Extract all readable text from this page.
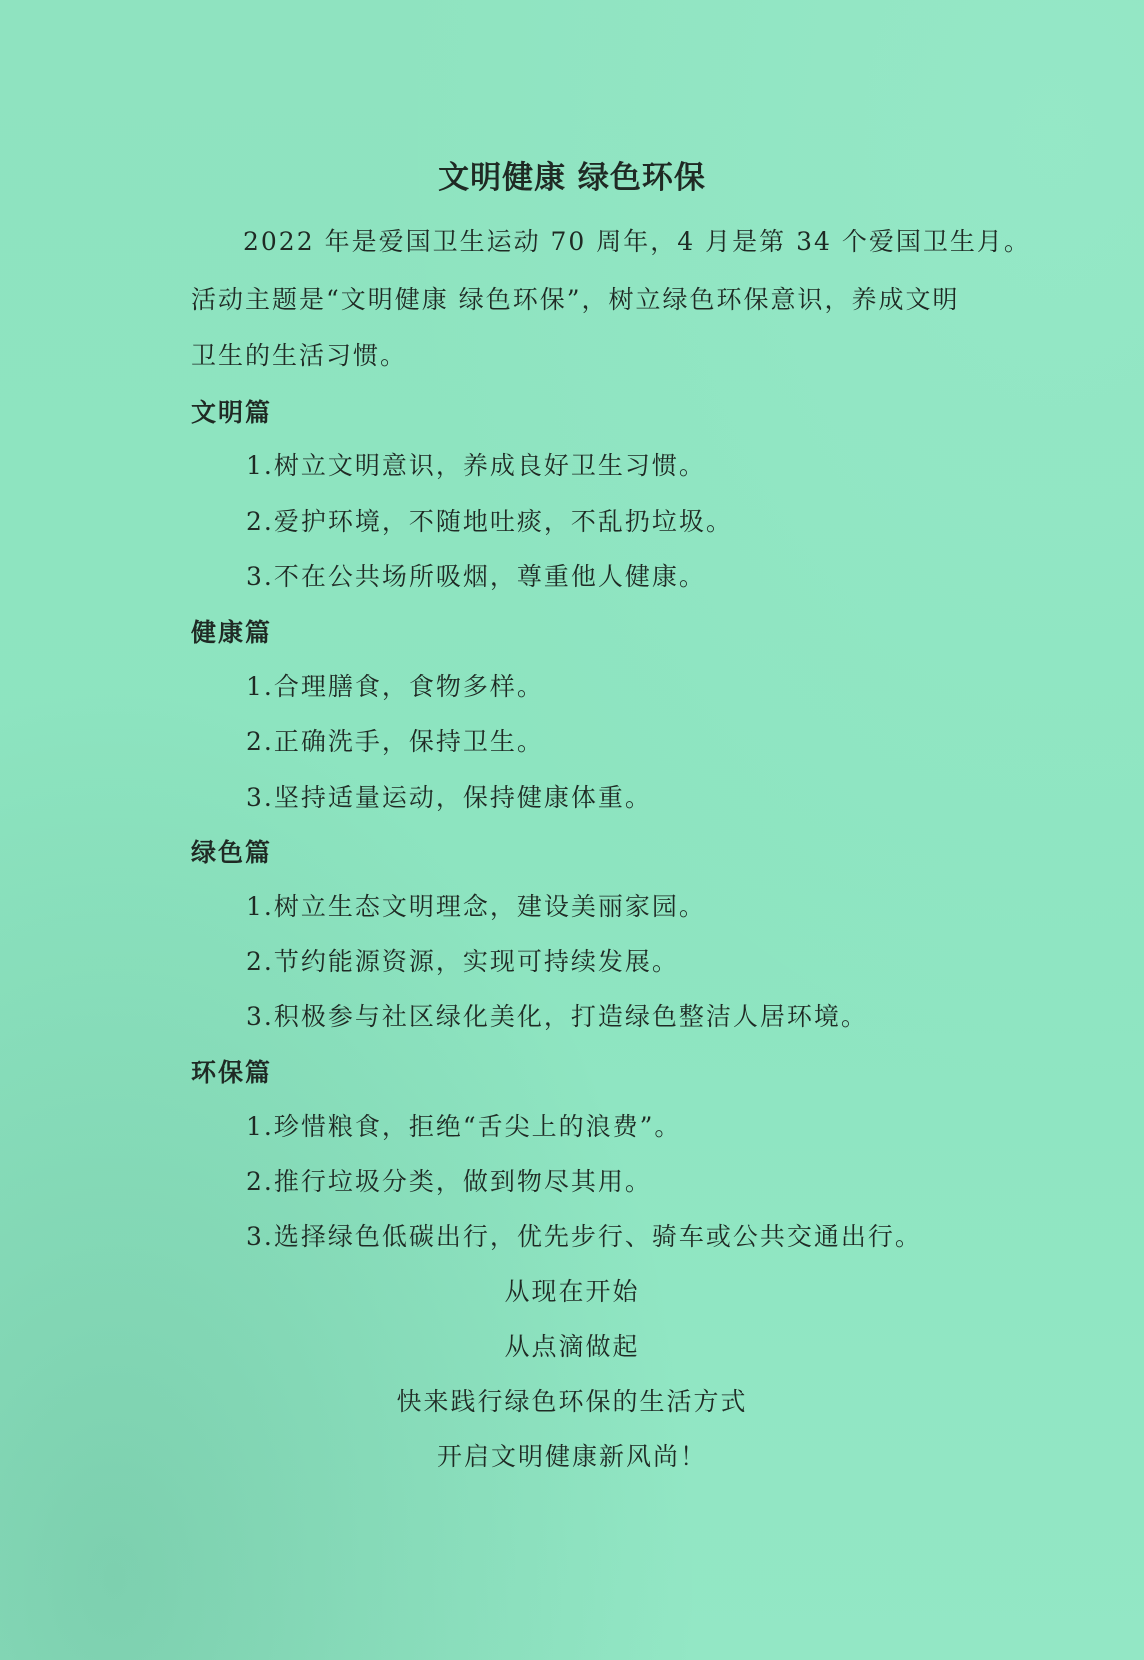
文明健康 绿色环保
2022 年是爱国卫生运动 70 周年，4 月是第 34 个爱国卫生月。
活动主题是“文明健康 绿色环保”，树立绿色环保意识，养成文明
卫生的生活习惯。
文明篇
1.树立文明意识，养成良好卫生习惯。
2.爱护环境，不随地吐痰，不乱扔垃圾。
3.不在公共场所吸烟，尊重他人健康。
健康篇
1.合理膳食，食物多样。
2.正确洗手，保持卫生。
3.坚持适量运动，保持健康体重。
绿色篇
1.树立生态文明理念，建设美丽家园。
2.节约能源资源，实现可持续发展。
3.积极参与社区绿化美化，打造绿色整洁人居环境。
环保篇
1.珍惜粮食，拒绝“舌尖上的浪费”。
2.推行垃圾分类，做到物尽其用。
3.选择绿色低碳出行，优先步行、骑车或公共交通出行。
从现在开始
从点滴做起
快来践行绿色环保的生活方式
开启文明健康新风尚！
